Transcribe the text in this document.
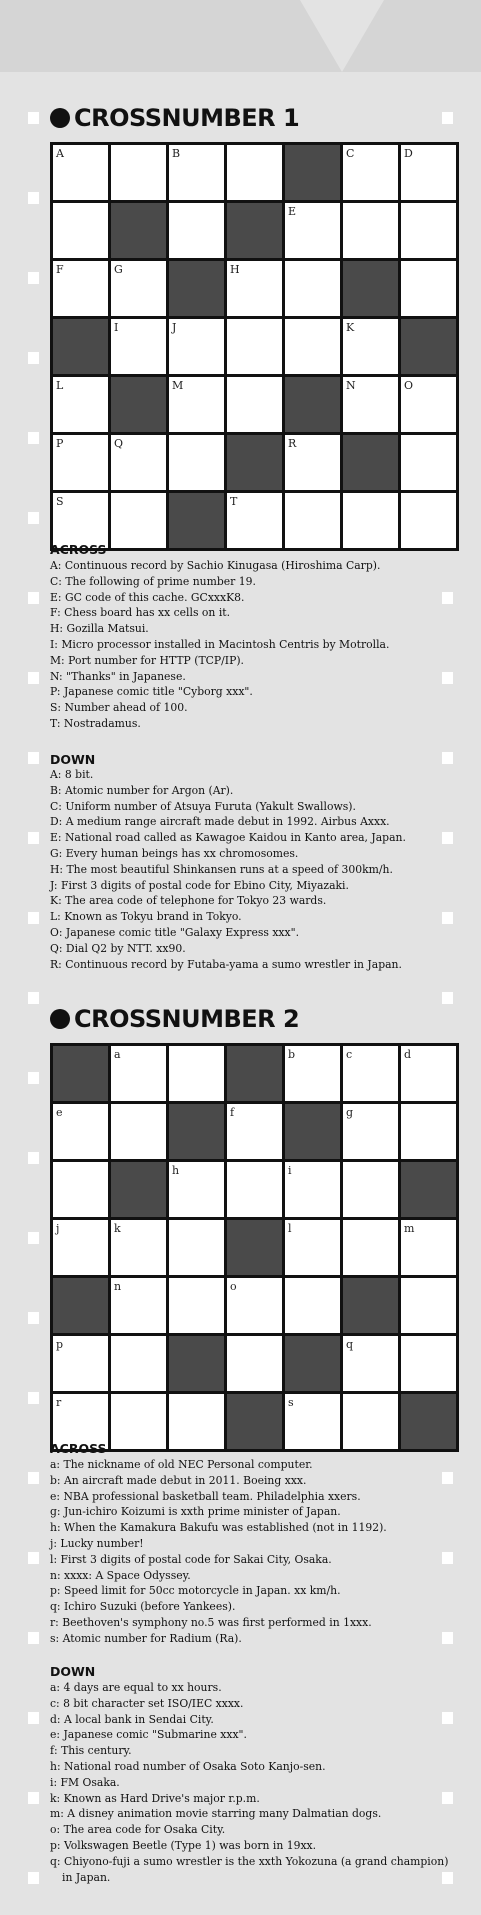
CROSSNUMBER 1
A	B	C	D
E
F	G	H
I	J	K
L	M	N	O
P	Q	R
S	T
ACROSS
A: Continuous record by Sachio Kinugasa (Hiroshima Carp).
C: The following of prime number 19.
E: GC code of this cache. GCxxxK8.
F: Chess board has xx cells on it.
H: Gozilla Matsui.
I: Micro processor installed in Macintosh Centris by Motrolla.
M: Port number for HTTP (TCP/IP).
N: "Thanks" in Japanese.
P: Japanese comic title "Cyborg xxx".
S: Number ahead of 100.
T: Nostradamus.
DOWN
A: 8 bit.
B: Atomic number for Argon (Ar).
C: Uniform number of Atsuya Furuta (Yakult Swallows).
D: A medium range aircraft made debut in 1992. Airbus Axxx.
E: National road called as Kawagoe Kaidou in Kanto area, Japan.
G: Every human beings has xx chromosomes.
H: The most beautiful Shinkansen runs at a speed of 300km/h.
J: First 3 digits of postal code for Ebino City, Miyazaki.
K: The area code of telephone for Tokyo 23 wards.
L: Known as Tokyu brand in Tokyo.
O: Japanese comic title "Galaxy Express xxx".
Q: Dial Q2 by NTT. xx90.
R: Continuous record by Futaba-yama a sumo wrestler in Japan.
CROSSNUMBER 2
a	b	c	d
e	f	g
h	i
j	k	l	m
n	o
p	q
r	s
ACROSS
a: The nickname of old NEC Personal computer.
b: An aircraft made debut in 2011. Boeing xxx.
e: NBA professional basketball team. Philadelphia xxers.
g: Jun-ichiro Koizumi is xxth prime minister of Japan.
h: When the Kamakura Bakufu was established (not in 1192).
j: Lucky number!
l: First 3 digits of postal code for Sakai City, Osaka.
n: xxxx: A Space Odyssey.
p: Speed limit for 50cc motorcycle in Japan. xx km/h.
q: Ichiro Suzuki (before Yankees).
r: Beethoven's symphony no.5 was first performed in 1xxx.
s: Atomic number for Radium (Ra).
DOWN
a: 4 days are equal to xx hours.
c: 8 bit character set ISO/IEC xxxx.
d: A local bank in Sendai City.
e: Japanese comic "Submarine xxx".
f: This century.
h: National road number of Osaka Soto Kanjo-sen.
i: FM Osaka.
k: Known as Hard Drive's major r.p.m.
m: A disney animation movie starring many Dalmatian dogs.
o: The area code for Osaka City.
p: Volkswagen Beetle (Type 1) was born in 19xx.
q: Chiyono-fuji a sumo wrestler is the xxth Yokozuna (a grand champion) in Japan.
